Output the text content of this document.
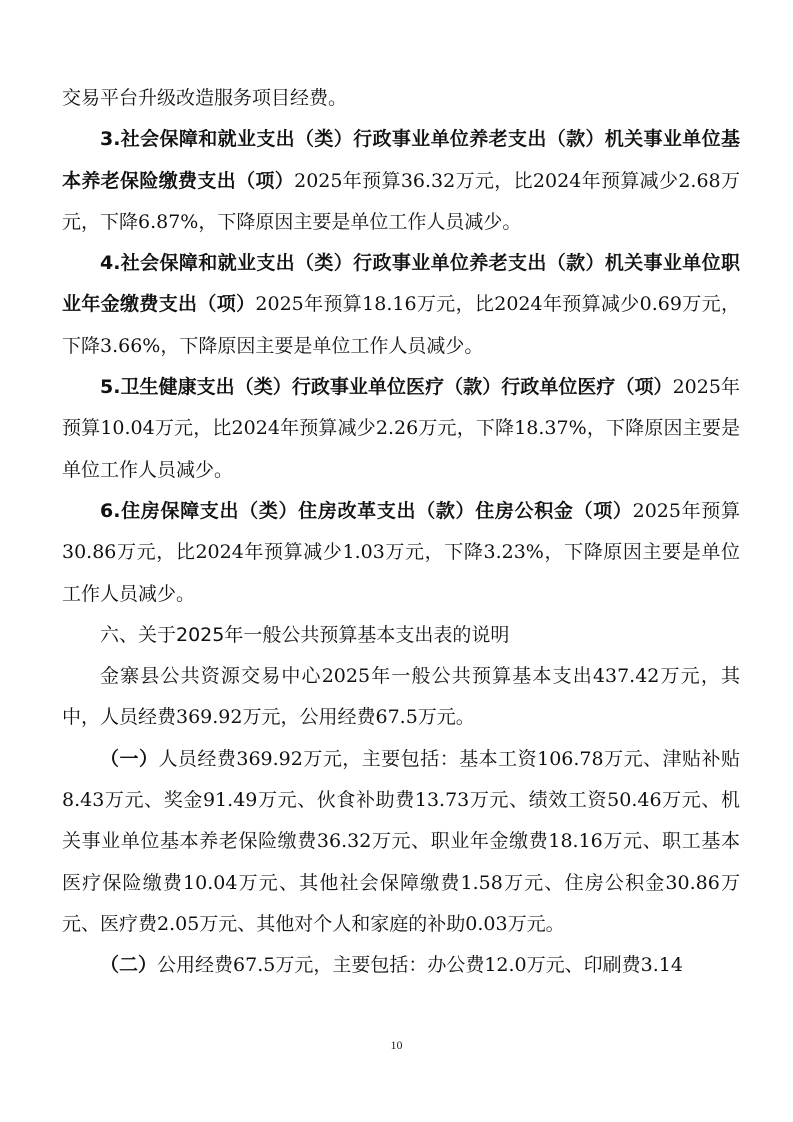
交易平台升级改造服务项目经费。

3.社会保障和就业支出（类）行政事业单位养老支出（款）机关事业单位基本养老保险缴费支出（项）2025年预算36.32万元，比2024年预算减少2.68万元，下降6.87%，下降原因主要是单位工作人员减少。

4.社会保障和就业支出（类）行政事业单位养老支出（款）机关事业单位职业年金缴费支出（项）2025年预算18.16万元，比2024年预算减少0.69万元，下降3.66%，下降原因主要是单位工作人员减少。

5.卫生健康支出（类）行政事业单位医疗（款）行政单位医疗（项）2025年预算10.04万元，比2024年预算减少2.26万元，下降18.37%，下降原因主要是单位工作人员减少。

6.住房保障支出（类）住房改革支出（款）住房公积金（项）2025年预算30.86万元，比2024年预算减少1.03万元，下降3.23%，下降原因主要是单位工作人员减少。

六、关于2025年一般公共预算基本支出表的说明

金寨县公共资源交易中心2025年一般公共预算基本支出437.42万元，其中，人员经费369.92万元，公用经费67.5万元。

（一）人员经费369.92万元，主要包括：基本工资106.78万元、津贴补贴8.43万元、奖金91.49万元、伙食补助费13.73万元、绩效工资50.46万元、机关事业单位基本养老保险缴费36.32万元、职业年金缴费18.16万元、职工基本医疗保险缴费10.04万元、其他社会保障缴费1.58万元、住房公积金30.86万元、医疗费2.05万元、其他对个人和家庭的补助0.03万元。

（二）公用经费67.5万元，主要包括：办公费12.0万元、印刷费3.14

10
